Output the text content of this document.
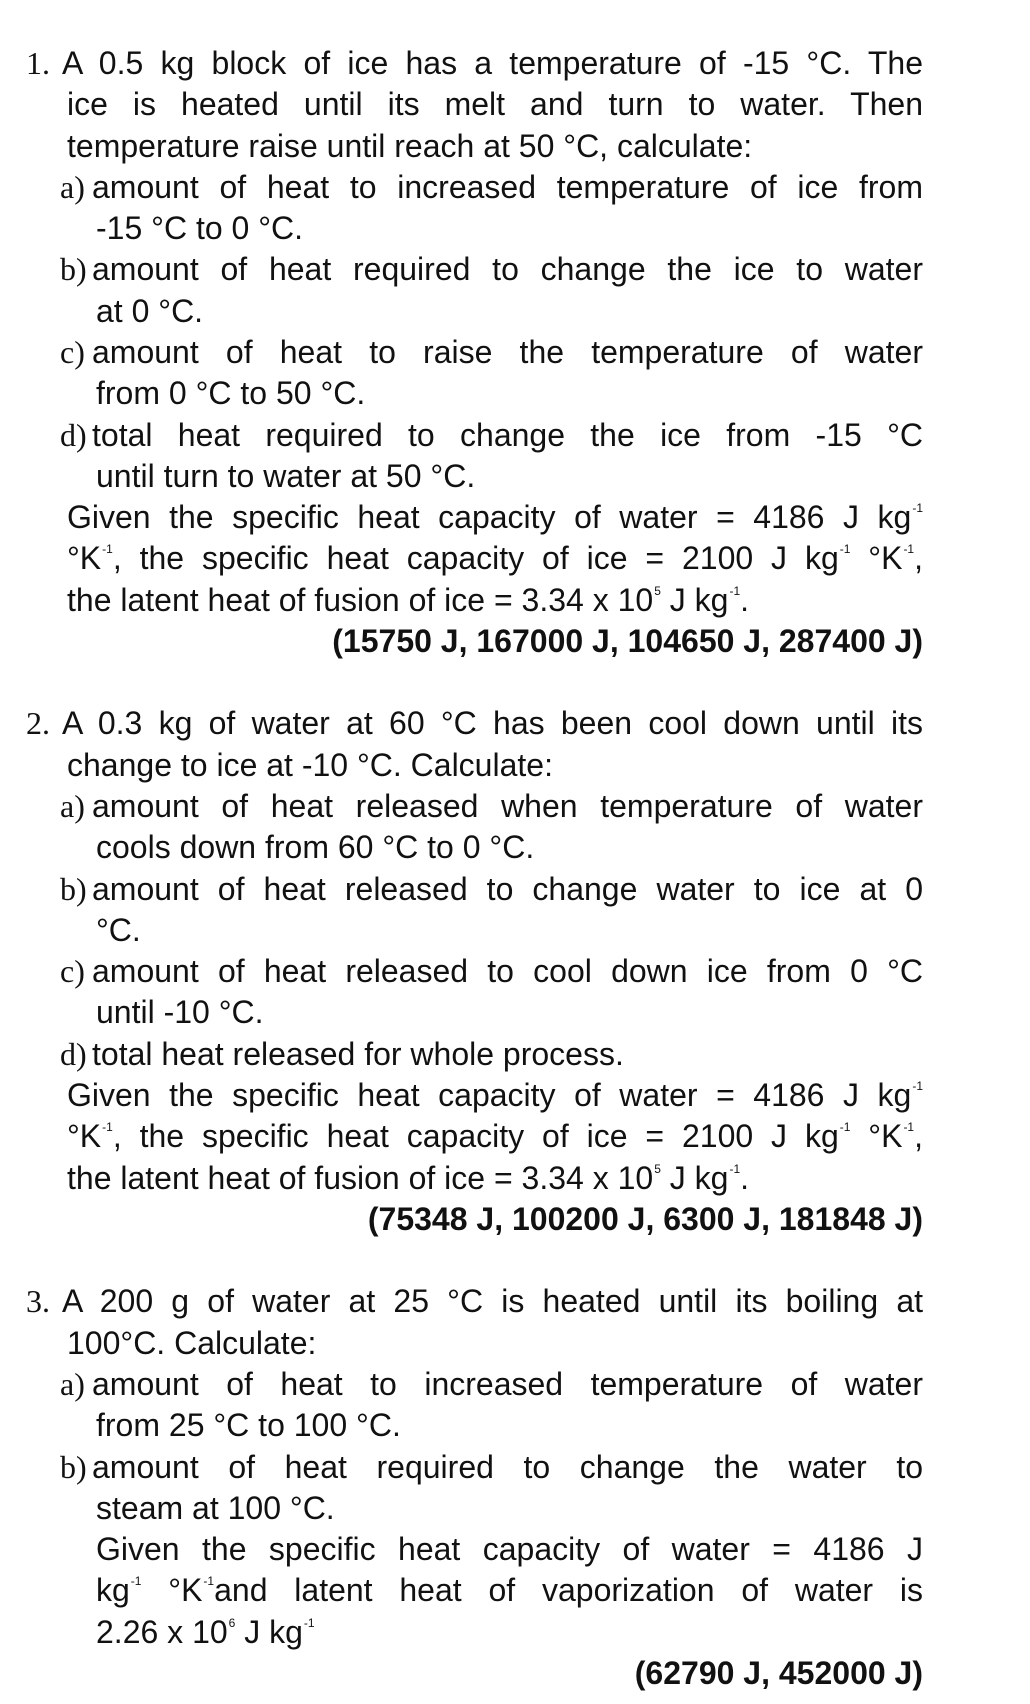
1. A 0.5 kg block of ice has a temperature of -15 °C. The
ice is heated until its melt and turn to water. Then
temperature raise until reach at 50 °C, calculate:
a) amount of heat to increased temperature of ice from
-15 °C to 0 °C.
b) amount of heat required to change the ice to water
at 0 °C.
c) amount of heat to raise the temperature of water
from 0 °C to 50 °C.
d) total heat required to change the ice from -15 °C
until turn to water at 50 °C.
Given the specific heat capacity of water = 4186 J $kg^{-1}$
$^\circ K^{-1}$, the specific heat capacity of ice = 2100 J $kg^{-1}$ $^\circ K^{-1}$,
the latent heat of fusion of ice = 3.34 x $10^5$ J $kg^{-1}$.
(15750 J, 167000 J, 104650 J, 287400 J)
2. A 0.3 kg of water at 60 °C has been cool down until its
change to ice at -10 °C. Calculate:
a) amount of heat released when temperature of water
cools down from 60 °C to 0 °C.
b) amount of heat released to change water to ice at 0
°C.
c) amount of heat released to cool down ice from 0 °C
until -10 °C.
d) total heat released for whole process.
Given the specific heat capacity of water = 4186 J $kg^{-1}$
$^\circ K^{-1}$, the specific heat capacity of ice = 2100 J $kg^{-1}$ $^\circ K^{-1}$,
the latent heat of fusion of ice = 3.34 x $10^5$ J $kg^{-1}$.
(75348 J, 100200 J, 6300 J, 181848 J)
3. A 200 g of water at 25 °C is heated until its boiling at
100°C. Calculate:
a) amount of heat to increased temperature of water
from 25 °C to 100 °C.
b) amount of heat required to change the water to
steam at 100 °C.
Given the specific heat capacity of water = 4186 J
$kg^{-1}$ $^\circ K^{-1}and$ latent heat of vaporization of water is
2.26 x $10^6$ J $kg^{-1}$
(62790 J, 452000 J)
